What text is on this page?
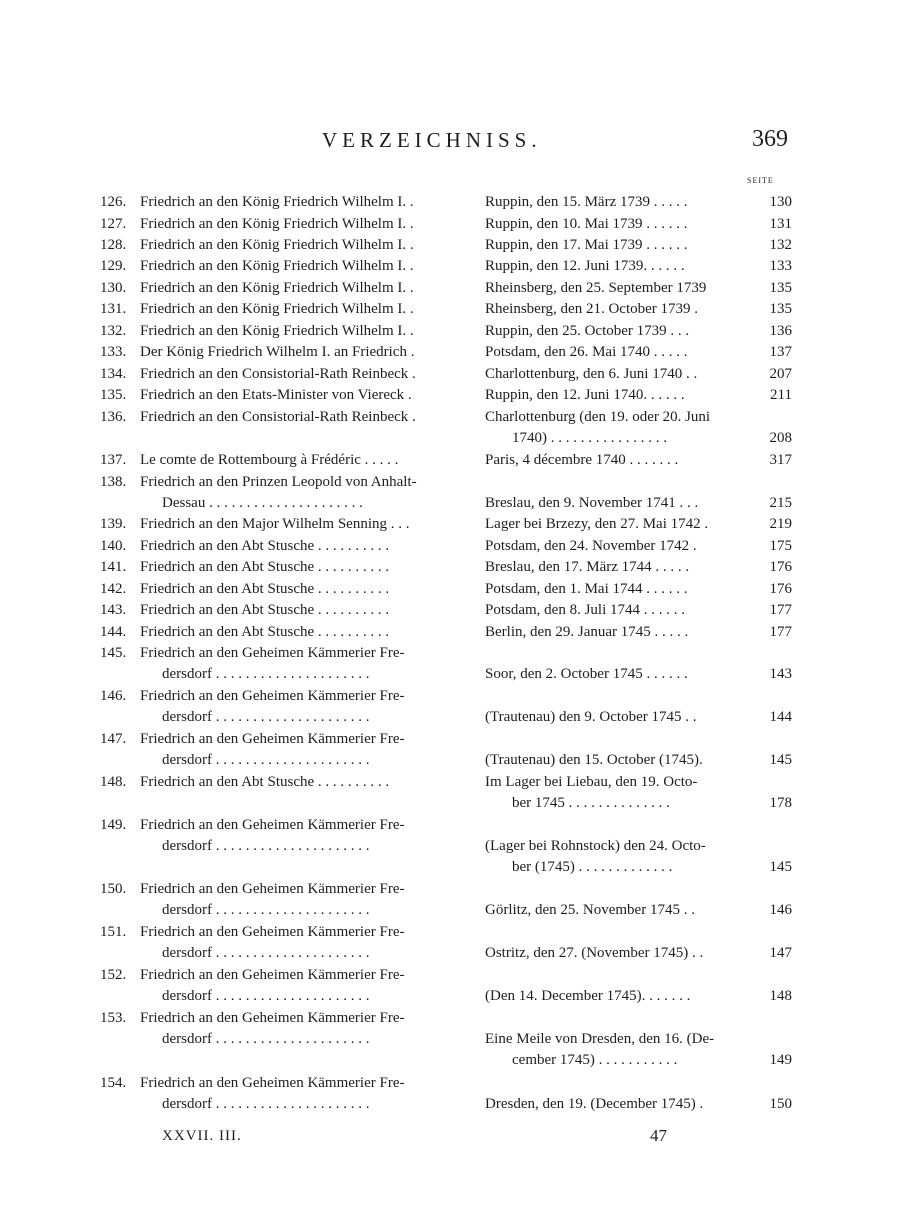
VERZEICHNISS.	369
SEITE
126. Friedrich an den König Friedrich Wilhelm I. .	Ruppin, den 15. März 1739 . . . . .	130
127. Friedrich an den König Friedrich Wilhelm I. .	Ruppin, den 10. Mai 1739 . . . . . .	131
128. Friedrich an den König Friedrich Wilhelm I. .	Ruppin, den 17. Mai 1739 . . . . . .	132
129. Friedrich an den König Friedrich Wilhelm I. .	Ruppin, den 12. Juni 1739. . . . . .	133
130. Friedrich an den König Friedrich Wilhelm I. .	Rheinsberg, den 25. September 1739	135
131. Friedrich an den König Friedrich Wilhelm I. .	Rheinsberg, den 21. October 1739 .	135
132. Friedrich an den König Friedrich Wilhelm I. .	Ruppin, den 25. October 1739 . . .	136
133. Der König Friedrich Wilhelm I. an Friedrich .	Potsdam, den 26. Mai 1740 . . . . .	137
134. Friedrich an den Consistorial-Rath Reinbeck .	Charlottenburg, den 6. Juni 1740 . .	207
135. Friedrich an den Etats-Minister von Viereck .	Ruppin, den 12. Juni 1740. . . . . .	211
136. Friedrich an den Consistorial-Rath Reinbeck .	Charlottenburg (den 19. oder 20. Juni
1740) . . . . . . . . . . . . . . . .	208
137. Le comte de Rottembourg à Frédéric . . . . .	Paris, 4 décembre 1740 . . . . . . .	317
138. Friedrich an den Prinzen Leopold von Anhalt-
Dessau . . . . . . . . . . . . . . . . . . . . .	Breslau, den 9. November 1741 . . .	215
139. Friedrich an den Major Wilhelm Senning . . .	Lager bei Brzezy, den 27. Mai 1742 .	219
140. Friedrich an den Abt Stusche . . . . . . . . . .	Potsdam, den 24. November 1742 .	175
141. Friedrich an den Abt Stusche . . . . . . . . . .	Breslau, den 17. März 1744 . . . . .	176
142. Friedrich an den Abt Stusche . . . . . . . . . .	Potsdam, den 1. Mai 1744 . . . . . .	176
143. Friedrich an den Abt Stusche . . . . . . . . . .	Potsdam, den 8. Juli 1744 . . . . . .	177
144. Friedrich an den Abt Stusche . . . . . . . . . .	Berlin, den 29. Januar 1745 . . . . .	177
145. Friedrich an den Geheimen Kämmerier Fre-
dersdorf . . . . . . . . . . . . . . . . . . . . .	Soor, den 2. October 1745 . . . . . .	143
146. Friedrich an den Geheimen Kämmerier Fre-
dersdorf . . . . . . . . . . . . . . . . . . . . .	(Trautenau) den 9. October 1745 . .	144
147. Friedrich an den Geheimen Kämmerier Fre-
dersdorf . . . . . . . . . . . . . . . . . . . . .	(Trautenau) den 15. October (1745).	145
148. Friedrich an den Abt Stusche . . . . . . . . . .	Im Lager bei Liebau, den 19. Octo-
ber 1745 . . . . . . . . . . . . . .	178
149. Friedrich an den Geheimen Kämmerier Fre-
dersdorf . . . . . . . . . . . . . . . . . . . . .	(Lager bei Rohnstock) den 24. Octo-
ber (1745) . . . . . . . . . . . . .	145
150. Friedrich an den Geheimen Kämmerier Fre-
dersdorf . . . . . . . . . . . . . . . . . . . . .	Görlitz, den 25. November 1745 . .	146
151. Friedrich an den Geheimen Kämmerier Fre-
dersdorf . . . . . . . . . . . . . . . . . . . . .	Ostritz, den 27. (November 1745) . .	147
152. Friedrich an den Geheimen Kämmerier Fre-
dersdorf . . . . . . . . . . . . . . . . . . . . .	(Den 14. December 1745). . . . . . .	148
153. Friedrich an den Geheimen Kämmerier Fre-
dersdorf . . . . . . . . . . . . . . . . . . . . .	Eine Meile von Dresden, den 16. (De-
cember 1745) . . . . . . . . . . .	149
154. Friedrich an den Geheimen Kämmerier Fre-
dersdorf . . . . . . . . . . . . . . . . . . . . .	Dresden, den 19. (December 1745) .	150
XXVII. III.	47
